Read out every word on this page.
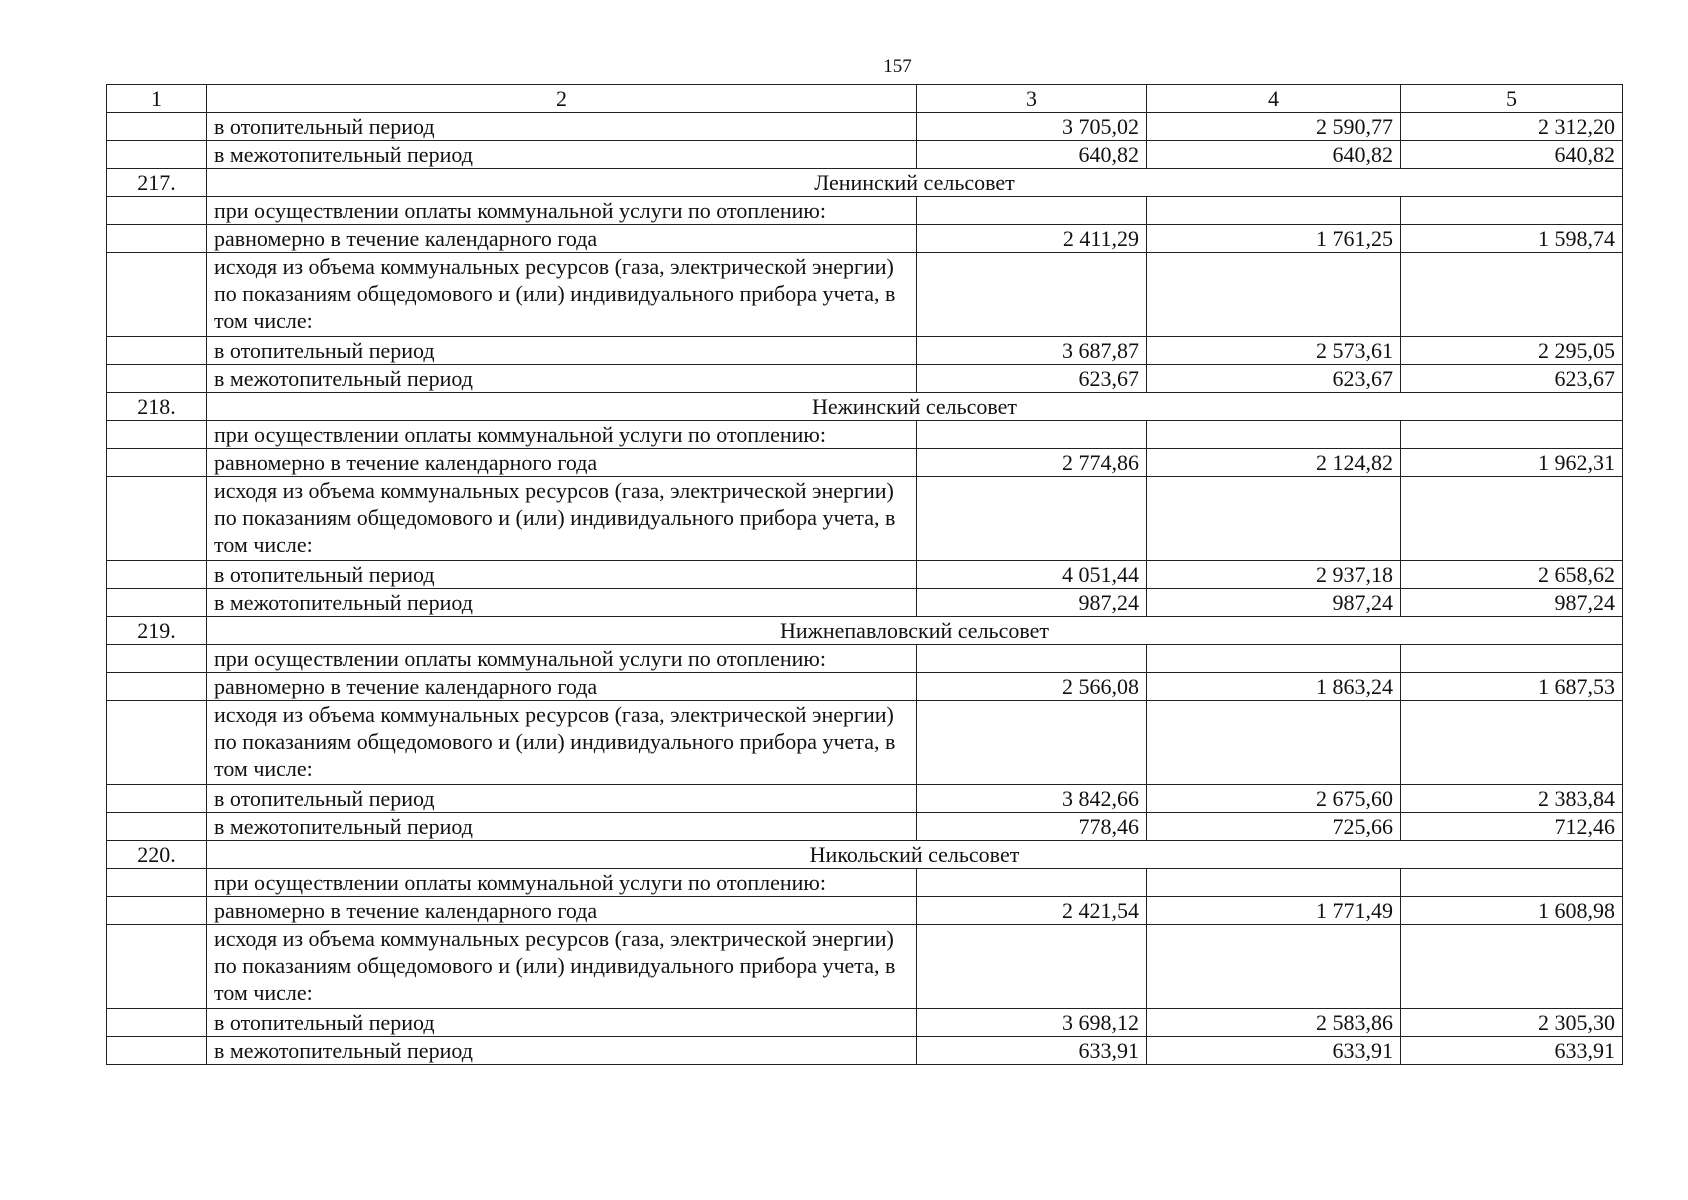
157
1	2	3	4	5
	в отопительный период	3 705,02	2 590,77	2 312,20
	в межотопительный период	640,82	640,82	640,82
217.	Ленинский сельсовет			
	при осуществлении оплаты коммунальной услуги по отоплению:			
	равномерно в течение календарного года	2 411,29	1 761,25	1 598,74
	исходя из объема коммунальных ресурсов (газа, электрической энергии) по показаниям общедомового и (или) индивидуального прибора учета, в том числе:			
	в отопительный период	3 687,87	2 573,61	2 295,05
	в межотопительный период	623,67	623,67	623,67
218.	Нежинский сельсовет			
	при осуществлении оплаты коммунальной услуги по отоплению:			
	равномерно в течение календарного года	2 774,86	2 124,82	1 962,31
	исходя из объема коммунальных ресурсов (газа, электрической энергии) по показаниям общедомового и (или) индивидуального прибора учета, в том числе:			
	в отопительный период	4 051,44	2 937,18	2 658,62
	в межотопительный период	987,24	987,24	987,24
219.	Нижнепавловский сельсовет			
	при осуществлении оплаты коммунальной услуги по отоплению:			
	равномерно в течение календарного года	2 566,08	1 863,24	1 687,53
	исходя из объема коммунальных ресурсов (газа, электрической энергии) по показаниям общедомового и (или) индивидуального прибора учета, в том числе:			
	в отопительный период	3 842,66	2 675,60	2 383,84
	в межотопительный период	778,46	725,66	712,46
220.	Никольский сельсовет			
	при осуществлении оплаты коммунальной услуги по отоплению:			
	равномерно в течение календарного года	2 421,54	1 771,49	1 608,98
	исходя из объема коммунальных ресурсов (газа, электрической энергии) по показаниям общедомового и (или) индивидуального прибора учета, в том числе:			
	в отопительный период	3 698,12	2 583,86	2 305,30
	в межотопительный период	633,91	633,91	633,91
